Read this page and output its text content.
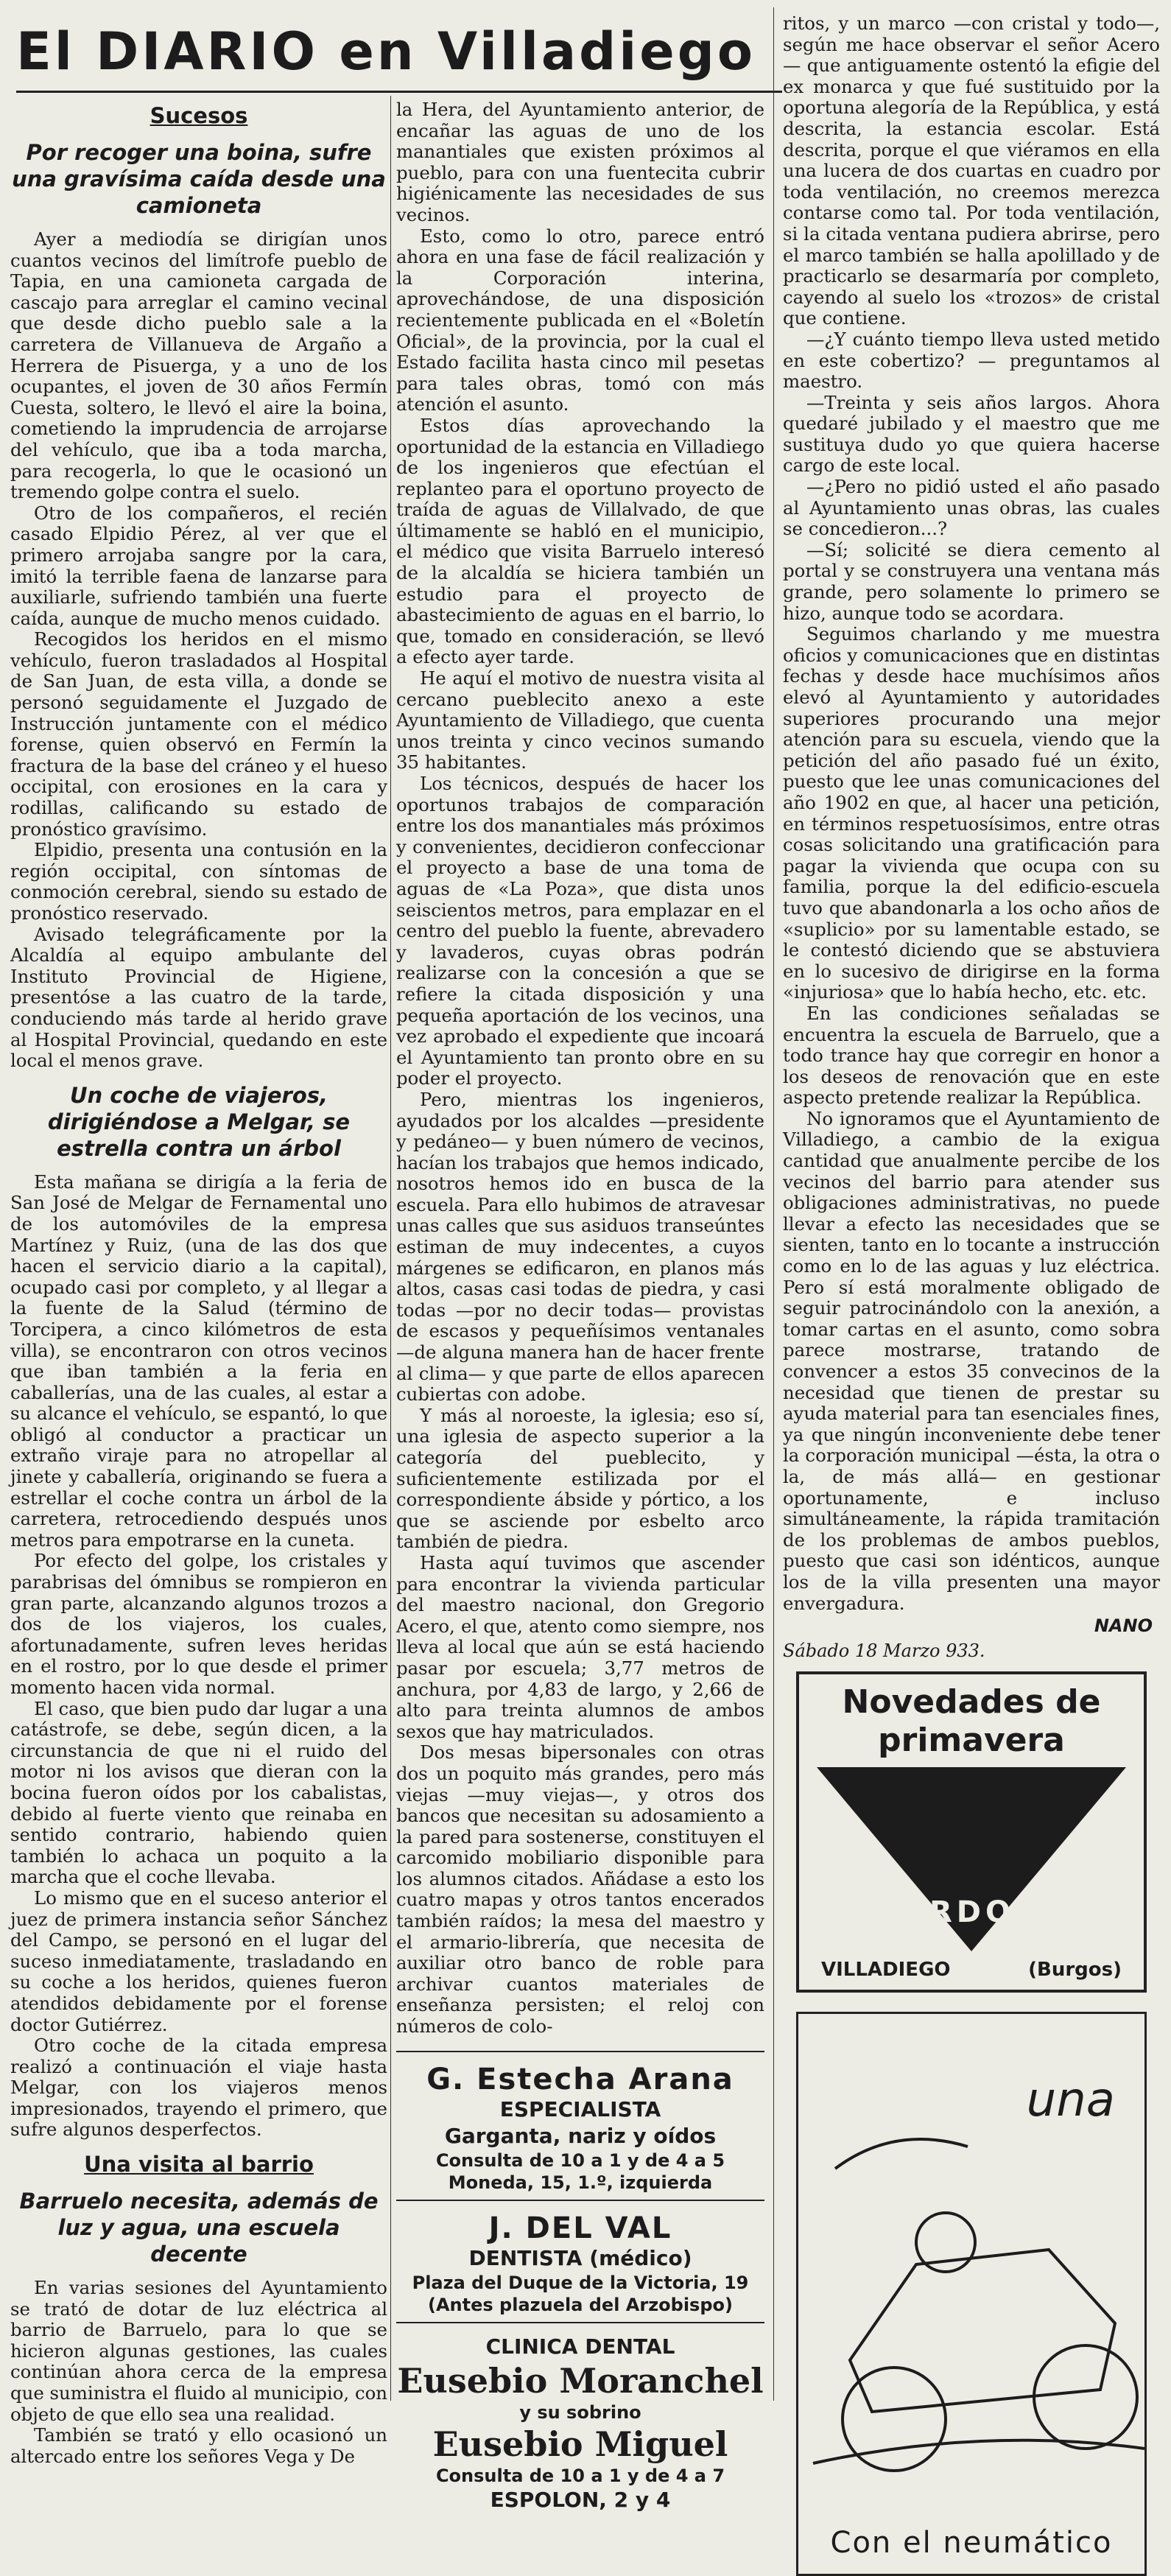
El DIARIO en Villadiego
Sucesos
Por recoger una boina, sufre una gravísima caída desde una camioneta

Ayer a mediodía se dirigían unos cuantos vecinos del limítrofe pueblo de Tapia, en una camioneta cargada de cascajo para arreglar el camino vecinal que desde dicho pueblo sale a la carretera de Villanueva de Argaño a Herrera de Pisuerga, y a uno de los ocupantes, el joven de 30 años Fermín Cuesta, soltero, le llevó el aire la boina, cometiendo la imprudencia de arrojarse del vehículo, que iba a toda marcha, para recogerla, lo que le ocasionó un tremendo golpe contra el suelo.

Otro de los compañeros, el recién casado Elpidio Pérez, al ver que el primero arrojaba sangre por la cara, imitó la terrible faena de lanzarse para auxiliarle, sufriendo también una fuerte caída, aunque de mucho menos cuidado.

Recogidos los heridos en el mismo vehículo, fueron trasladados al Hospital de San Juan, de esta villa, a donde se personó seguidamente el Juzgado de Instrucción juntamente con el médico forense, quien observó en Fermín la fractura de la base del cráneo y el hueso occipital, con erosiones en la cara y rodillas, calificando su estado de pronóstico gravísimo.

Elpidio, presenta una contusión en la región occipital, con síntomas de conmoción cerebral, siendo su estado de pronóstico reservado.

Avisado telegráficamente por la Alcaldía al equipo ambulante del Instituto Provincial de Higiene, presentóse a las cuatro de la tarde, conduciendo más tarde al herido grave al Hospital Provincial, quedando en este local el menos grave.

Un coche de viajeros, dirigiéndose a Melgar, se estrella contra un árbol

Esta mañana se dirigía a la feria de San José de Melgar de Fernamental uno de los automóviles de la empresa Martínez y Ruiz, (una de las dos que hacen el servicio diario a la capital), ocupado casi por completo, y al llegar a la fuente de la Salud (término de Torcipera, a cinco kilómetros de esta villa), se encontraron con otros vecinos que iban también a la feria en caballerías, una de las cuales, al estar a su alcance el vehículo, se espantó, lo que obligó al conductor a practicar un extraño viraje para no atropellar al jinete y caballería, originando se fuera a estrellar el coche contra un árbol de la carretera, retrocediendo después unos metros para empotrarse en la cuneta.

Por efecto del golpe, los cristales y parabrisas del ómnibus se rompieron en gran parte, alcanzando algunos trozos a dos de los viajeros, los cuales, afortunadamente, sufren leves heridas en el rostro, por lo que desde el primer momento hacen vida normal.

El caso, que bien pudo dar lugar a una catástrofe, se debe, según dicen, a la circunstancia de que ni el ruido del motor ni los avisos que dieran con la bocina fueron oídos por los cabalistas, debido al fuerte viento que reinaba en sentido contrario, habiendo quien también lo achaca un poquito a la marcha que el coche llevaba.

Lo mismo que en el suceso anterior el juez de primera instancia señor Sánchez del Campo, se personó en el lugar del suceso inmediatamente, trasladando en su coche a los heridos, quienes fueron atendidos debidamente por el forense doctor Gutiérrez.

Otro coche de la citada empresa realizó a continuación el viaje hasta Melgar, con los viajeros menos impresionados, trayendo el primero, que sufre algunos desperfectos.

Una visita al barrio
Barruelo necesita, además de luz y agua, una escuela decente

En varias sesiones del Ayuntamiento se trató de dotar de luz eléctrica al barrio de Barruelo, para lo que se hicieron algunas gestiones, las cuales continúan ahora cerca de la empresa que suministra el fluido al municipio, con objeto de que ello sea una realidad.

También se trató y ello ocasionó un altercado entre los señores Vega y De

la Hera, del Ayuntamiento anterior, de encañar las aguas de uno de los manantiales que existen próximos al pueblo, para con una fuentecita cubrir higiénicamente las necesidades de sus vecinos.

Esto, como lo otro, parece entró ahora en una fase de fácil realización y la Corporación interina, aprovechándose, de una disposición recientemente publicada en el «Boletín Oficial», de la provincia, por la cual el Estado facilita hasta cinco mil pesetas para tales obras, tomó con más atención el asunto.

Estos días aprovechando la oportunidad de la estancia en Villadiego de los ingenieros que efectúan el replanteo para el oportuno proyecto de traída de aguas de Villalvado, de que últimamente se habló en el municipio, el médico que visita Barruelo interesó de la alcaldía se hiciera también un estudio para el proyecto de abastecimiento de aguas en el barrio, lo que, tomado en consideración, se llevó a efecto ayer tarde.

He aquí el motivo de nuestra visita al cercano pueblecito anexo a este Ayuntamiento de Villadiego, que cuenta unos treinta y cinco vecinos sumando 35 habitantes.

Los técnicos, después de hacer los oportunos trabajos de comparación entre los dos manantiales más próximos y convenientes, decidieron confeccionar el proyecto a base de una toma de aguas de «La Poza», que dista unos seiscientos metros, para emplazar en el centro del pueblo la fuente, abrevadero y lavaderos, cuyas obras podrán realizarse con la concesión a que se refiere la citada disposición y una pequeña aportación de los vecinos, una vez aprobado el expediente que incoará el Ayuntamiento tan pronto obre en su poder el proyecto.

Pero, mientras los ingenieros, ayudados por los alcaldes —presidente y pedáneo— y buen número de vecinos, hacían los trabajos que hemos indicado, nosotros hemos ido en busca de la escuela. Para ello hubimos de atravesar unas calles que sus asiduos transeúntes estiman de muy indecentes, a cuyos márgenes se edificaron, en planos más altos, casas casi todas de piedra, y casi todas —por no decir todas— provistas de escasos y pequeñísimos ventanales —de alguna manera han de hacer frente al clima— y que parte de ellos aparecen cubiertas con adobe.

Y más al noroeste, la iglesia; eso sí, una iglesia de aspecto superior a la categoría del pueblecito, y suficientemente estilizada por el correspondiente ábside y pórtico, a los que se asciende por esbelto arco también de piedra.

Hasta aquí tuvimos que ascender para encontrar la vivienda particular del maestro nacional, don Gregorio Acero, el que, atento como siempre, nos lleva al local que aún se está haciendo pasar por escuela; 3,77 metros de anchura, por 4,83 de largo, y 2,66 de alto para treinta alumnos de ambos sexos que hay matriculados.

Dos mesas bipersonales con otras dos un poquito más grandes, pero más viejas —muy viejas—, y otros dos bancos que necesitan su adosamiento a la pared para sostenerse, constituyen el carcomido mobiliario disponible para los alumnos citados. Añádase a esto los cuatro mapas y otros tantos encerados también raídos; la mesa del maestro y el armario-librería, que necesita de auxiliar otro banco de roble para archivar cuantos materiales de enseñanza persisten; el reloj con números de colo-

G. Estecha Arana
ESPECIALISTA
Garganta, nariz y oídos
Consulta de 10 a 1 y de 4 a 5
Moneda, 15, 1.º, izquierda
J. DEL VAL
DENTISTA (médico)
Plaza del Duque de la Victoria, 19
(Antes plazuela del Arzobispo)
CLINICA DENTAL
Eusebio Moranchel
y su sobrino
Eusebio Miguel
Consulta de 10 a 1 y de 4 a 7
ESPOLON, 2 y 4

ritos, y un marco —con cristal y todo—, según me hace observar el señor Acero— que antiguamente ostentó la efigie del ex monarca y que fué sustituido por la oportuna alegoría de la República, y está descrita, la estancia escolar. Está descrita, porque el que viéramos en ella una lucera de dos cuartas en cuadro por toda ventilación, no creemos merezca contarse como tal. Por toda ventilación, si la citada ventana pudiera abrirse, pero el marco también se halla apolillado y de practicarlo se desarmaría por completo, cayendo al suelo los «trozos» de cristal que contiene.

—¿Y cuánto tiempo lleva usted metido en este cobertizo? — preguntamos al maestro.

—Treinta y seis años largos. Ahora quedaré jubilado y el maestro que me sustituya dudo yo que quiera hacerse cargo de este local.

—¿Pero no pidió usted el año pasado al Ayuntamiento unas obras, las cuales se concedieron...?

—Sí; solicité se diera cemento al portal y se construyera una ventana más grande, pero solamente lo primero se hizo, aunque todo se acordara.

Seguimos charlando y me muestra oficios y comunicaciones que en distintas fechas y desde hace muchísimos años elevó al Ayuntamiento y autoridades superiores procurando una mejor atención para su escuela, viendo que la petición del año pasado fué un éxito, puesto que lee unas comunicaciones del año 1902 en que, al hacer una petición, en términos respetuosísimos, entre otras cosas solicitando una gratificación para pagar la vivienda que ocupa con su familia, porque la del edificio-escuela tuvo que abandonarla a los ocho años de «suplicio» por su lamentable estado, se le contestó diciendo que se abstuviera en lo sucesivo de dirigirse en la forma «injuriosa» que lo había hecho, etc. etc.

En las condiciones señaladas se encuentra la escuela de Barruelo, que a todo trance hay que corregir en honor a los deseos de renovación que en este aspecto pretende realizar la República.

No ignoramos que el Ayuntamiento de Villadiego, a cambio de la exigua cantidad que anualmente percibe de los vecinos del barrio para atender sus obligaciones administrativas, no puede llevar a efecto las necesidades que se sienten, tanto en lo tocante a instrucción como en lo de las aguas y luz eléctrica. Pero sí está moralmente obligado de seguir patrocinándolo con la anexión, a tomar cartas en el asunto, como sobra parece mostrarse, tratando de convencer a estos 35 convecinos de la necesidad que tienen de prestar su ayuda material para tan esenciales fines, ya que ningún inconveniente debe tener la corporación municipal —ésta, la otra o la, de más allá— en gestionar oportunamente, e incluso simultáneamente, la rápida tramitación de los problemas de ambos pueblos, puesto que casi son idénticos, aunque los de la villa presenten una mayor envergadura.

NANO

Sábado 18 Marzo 933.

Novedades de primavera
CORDOBA
VILLADIEGO	(Burgos)
una
Con el neumático
